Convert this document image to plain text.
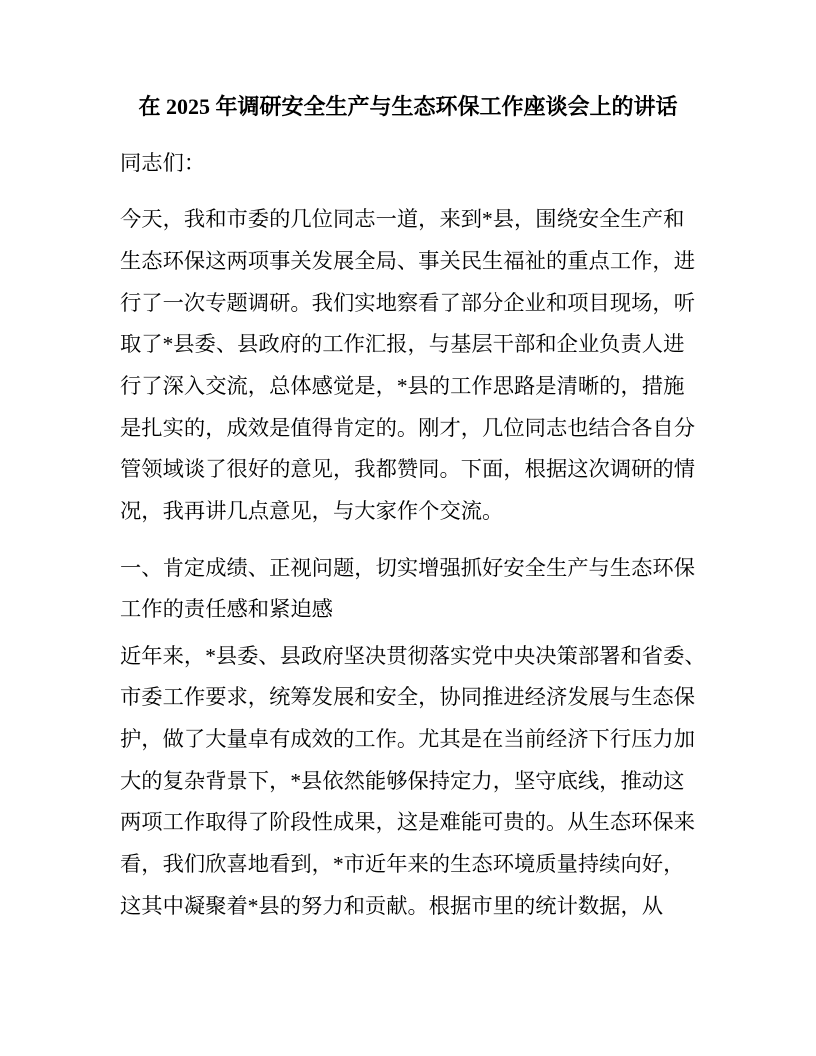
在 2025 年调研安全生产与生态环保工作座谈会上的讲话
同志们：
今天，我和市委的几位同志一道，来到*县，围绕安全生产和
生态环保这两项事关发展全局、事关民生福祉的重点工作，进
行了一次专题调研。我们实地察看了部分企业和项目现场，听
取了*县委、县政府的工作汇报，与基层干部和企业负责人进
行了深入交流，总体感觉是，*县的工作思路是清晰的，措施
是扎实的，成效是值得肯定的。刚才，几位同志也结合各自分
管领域谈了很好的意见，我都赞同。下面，根据这次调研的情
况，我再讲几点意见，与大家作个交流。
一、肯定成绩、正视问题，切实增强抓好安全生产与生态环保
工作的责任感和紧迫感
近年来，*县委、县政府坚决贯彻落实党中央决策部署和省委、
市委工作要求，统筹发展和安全，协同推进经济发展与生态保
护，做了大量卓有成效的工作。尤其是在当前经济下行压力加
大的复杂背景下，*县依然能够保持定力，坚守底线，推动这
两项工作取得了阶段性成果，这是难能可贵的。从生态环保来
看，我们欣喜地看到，*市近年来的生态环境质量持续向好，
这其中凝聚着*县的努力和贡献。根据市里的统计数据，从
